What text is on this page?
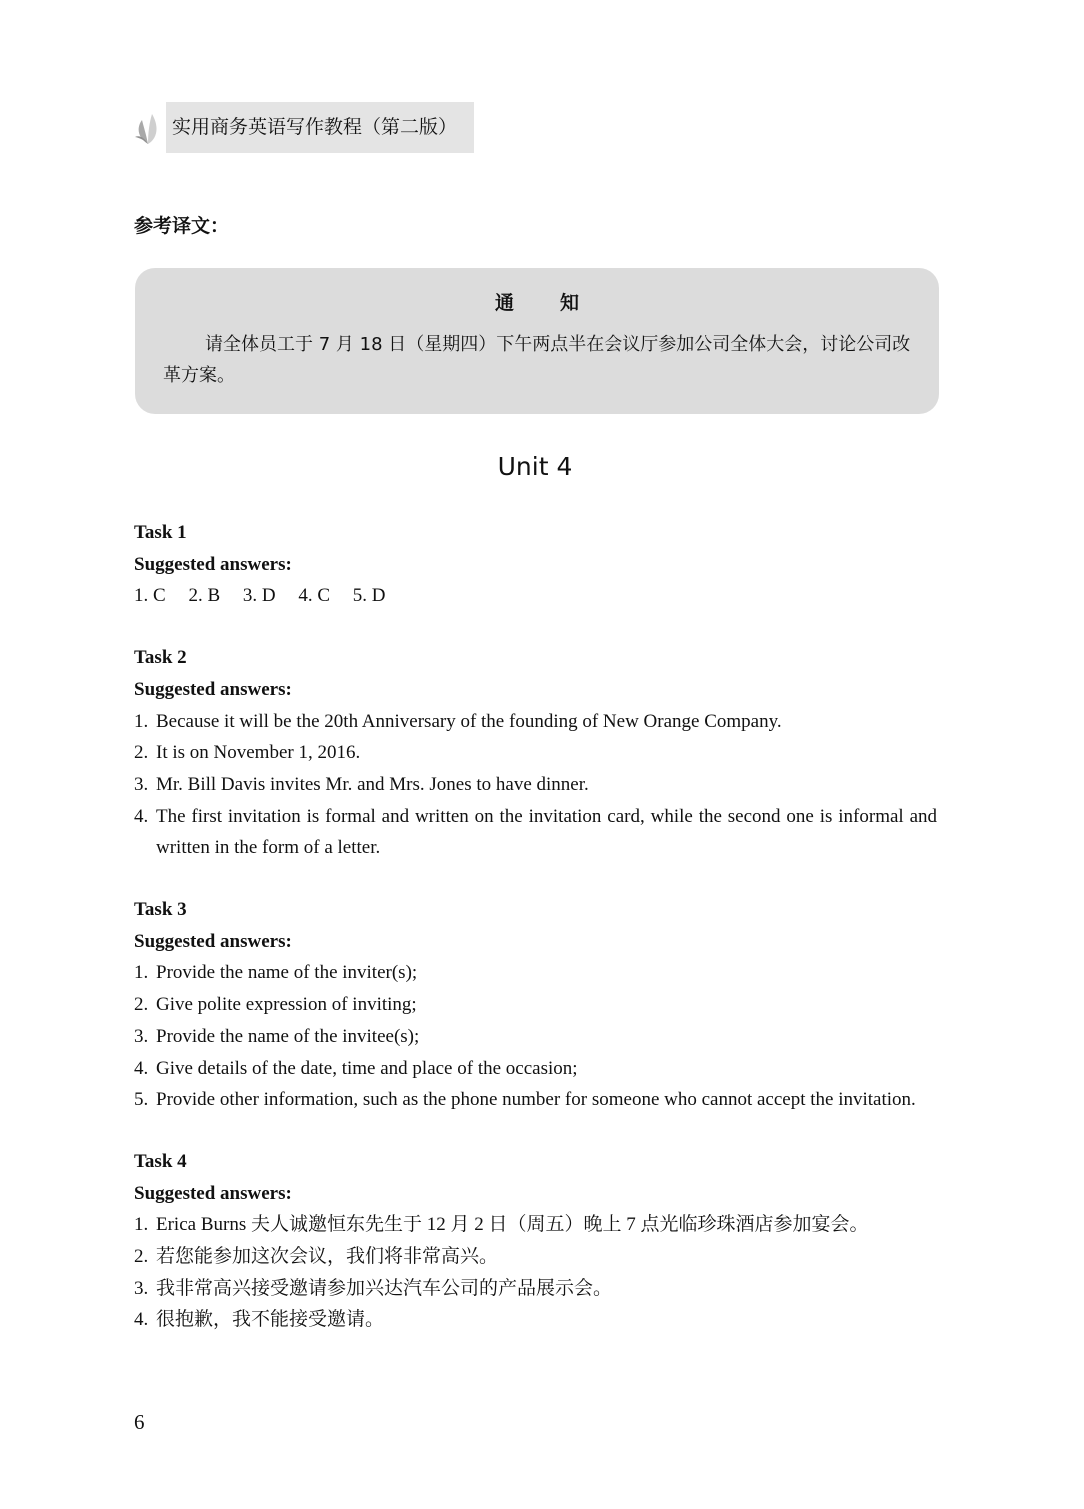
实用商务英语写作教程（第二版）
参考译文：
通知
请全体员工于 7 月 18 日（星期四）下午两点半在会议厅参加公司全体大会，讨论公司改革方案。
Unit 4
Task 1
Suggested answers:
1. C 2. B 3. D 4. C 5. D
Task 2
Suggested answers:
1. Because it will be the 20th Anniversary of the founding of New Orange Company.
2. It is on November 1, 2016.
3. Mr. Bill Davis invites Mr. and Mrs. Jones to have dinner.
4. The first invitation is formal and written on the invitation card, while the second one is informal and written in the form of a letter.
Task 3
Suggested answers:
1. Provide the name of the inviter(s);
2. Give polite expression of inviting;
3. Provide the name of the invitee(s);
4. Give details of the date, time and place of the occasion;
5. Provide other information, such as the phone number for someone who cannot accept the invitation.
Task 4
Suggested answers:
1. Erica Burns 夫人诚邀恒东先生于 12 月 2 日（周五）晚上 7 点光临珍珠酒店参加宴会。
2. 若您能参加这次会议，我们将非常高兴。
3. 我非常高兴接受邀请参加兴达汽车公司的产品展示会。
4. 很抱歉，我不能接受邀请。
6
